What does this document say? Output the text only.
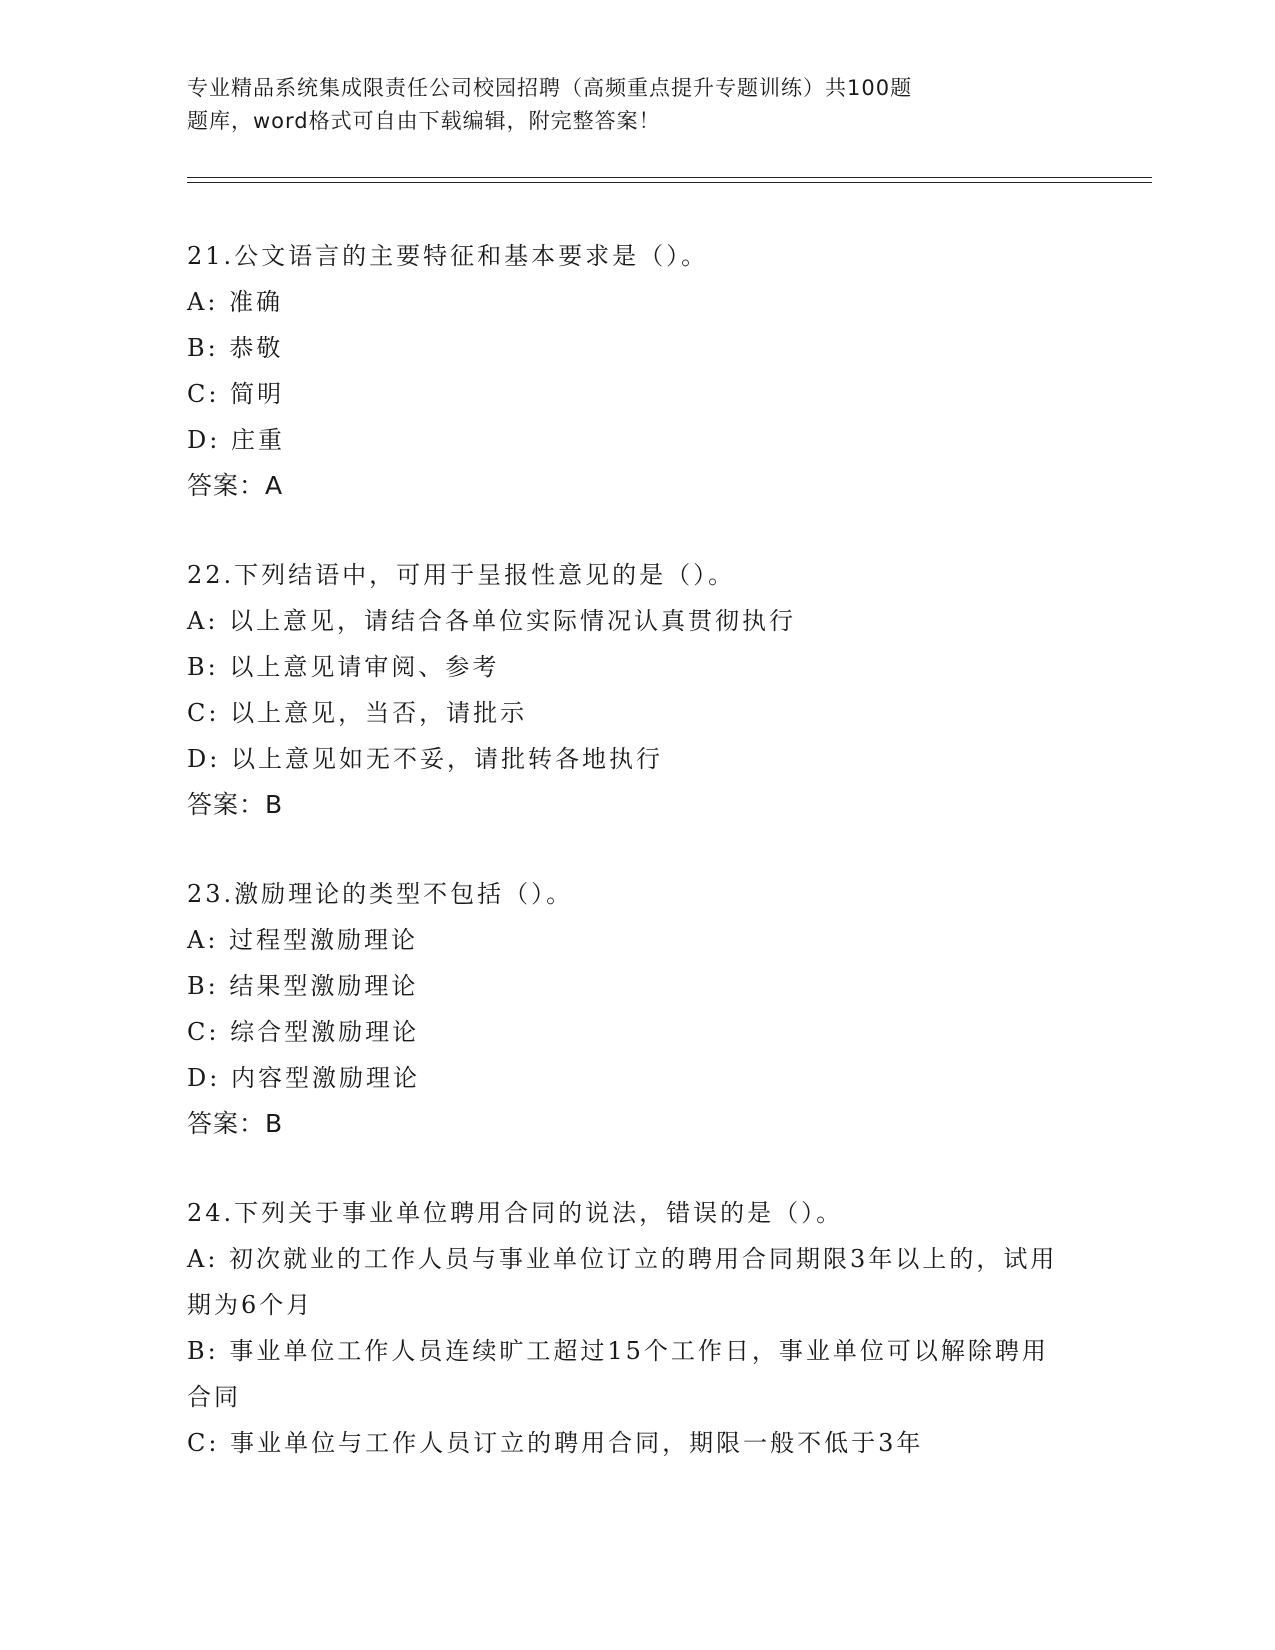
专业精品系统集成限责任公司校园招聘（高频重点提升专题训练）共100题
题库，word格式可自由下载编辑，附完整答案！
21.公文语言的主要特征和基本要求是（）。
A: 准确
B: 恭敬
C: 简明
D: 庄重
答案：A
22.下列结语中，可用于呈报性意见的是（）。
A: 以上意见，请结合各单位实际情况认真贯彻执行
B: 以上意见请审阅、参考
C: 以上意见，当否，请批示
D: 以上意见如无不妥，请批转各地执行
答案：B
23.激励理论的类型不包括（）。
A: 过程型激励理论
B: 结果型激励理论
C: 综合型激励理论
D: 内容型激励理论
答案：B
24.下列关于事业单位聘用合同的说法，错误的是（）。
A: 初次就业的工作人员与事业单位订立的聘用合同期限3年以上的，试用期为6个月
B: 事业单位工作人员连续旷工超过15个工作日，事业单位可以解除聘用合同
C: 事业单位与工作人员订立的聘用合同，期限一般不低于3年
